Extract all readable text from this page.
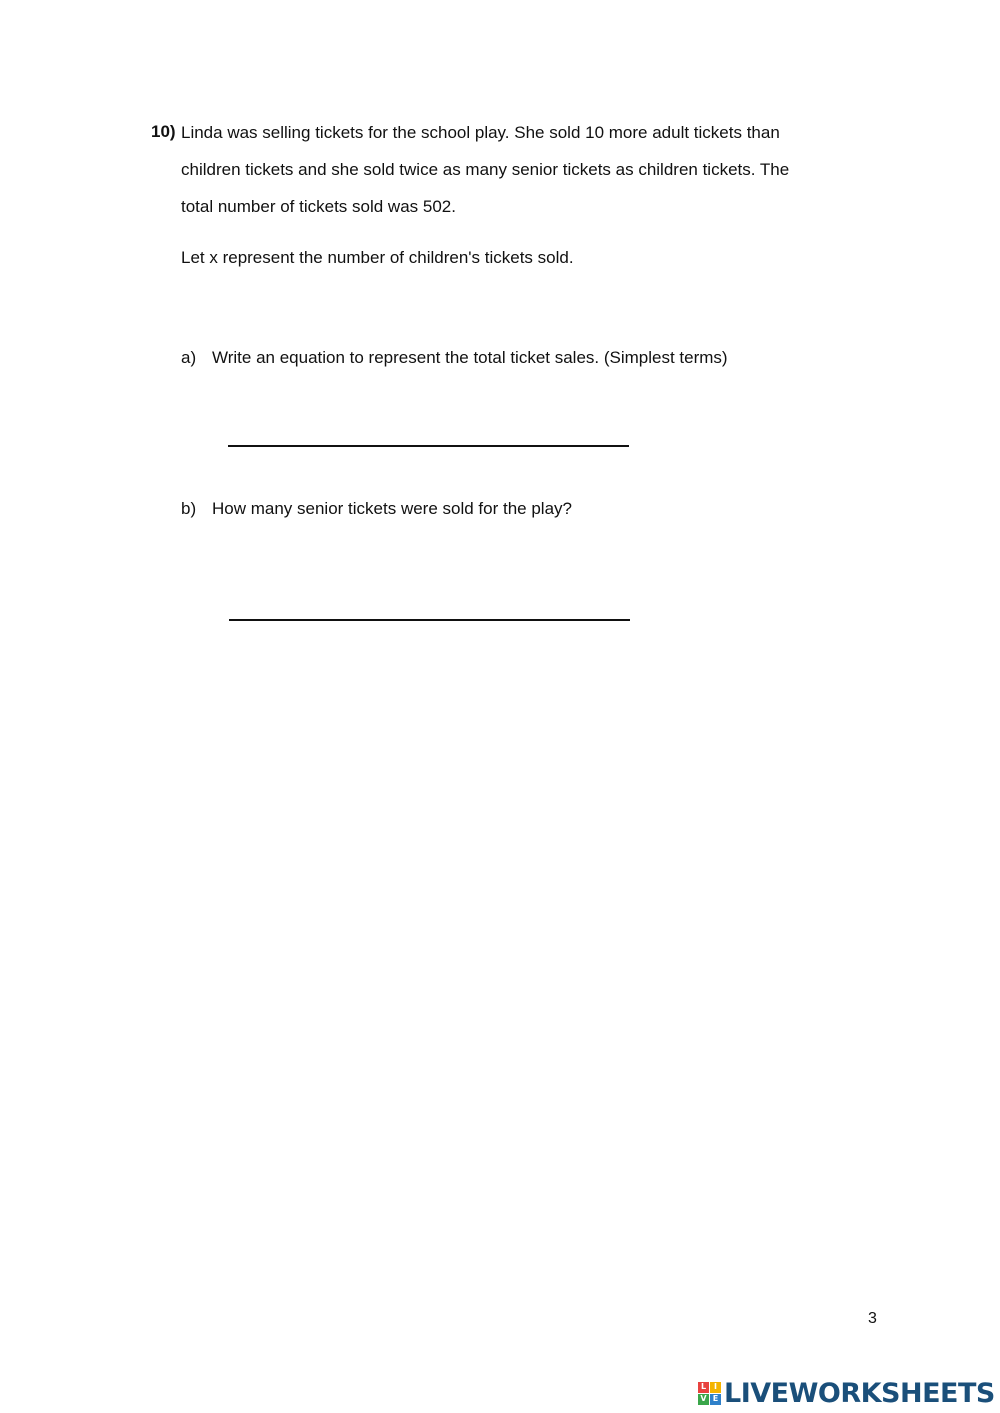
10) Linda was selling tickets for the school play. She sold 10 more adult tickets than
children tickets and she sold twice as many senior tickets as children tickets. The
total number of tickets sold was 502.
Let x represent the number of children's tickets sold.
a) Write an equation to represent the total ticket sales. (Simplest terms)
b) How many senior tickets were sold for the play?
3
L I
V E LIVEWORKSHEETS
